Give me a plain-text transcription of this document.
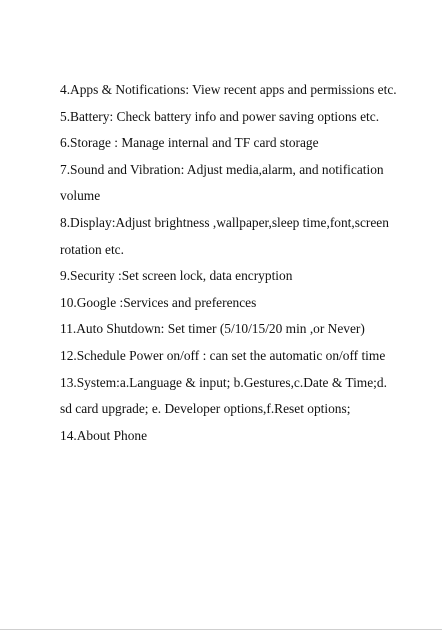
4.Apps & Notifications: View recent apps and permissions etc.

5.Battery: Check battery info and power saving options etc.

6.Storage : Manage internal and TF card storage

7.Sound and Vibration: Adjust media,alarm, and notification volume

8.Display:Adjust brightness ,wallpaper,sleep time,font,screen rotation etc.

9.Security :Set screen lock, data encryption

10.Google :Services and preferences

11.Auto Shutdown: Set timer (5/10/15/20 min ,or Never)

12.Schedule Power on/off : can set the automatic on/off time

13.System:a.Language & input; b.Gestures,c.Date & Time;d. sd card upgrade; e. Developer options,f.Reset options;

14.About Phone
